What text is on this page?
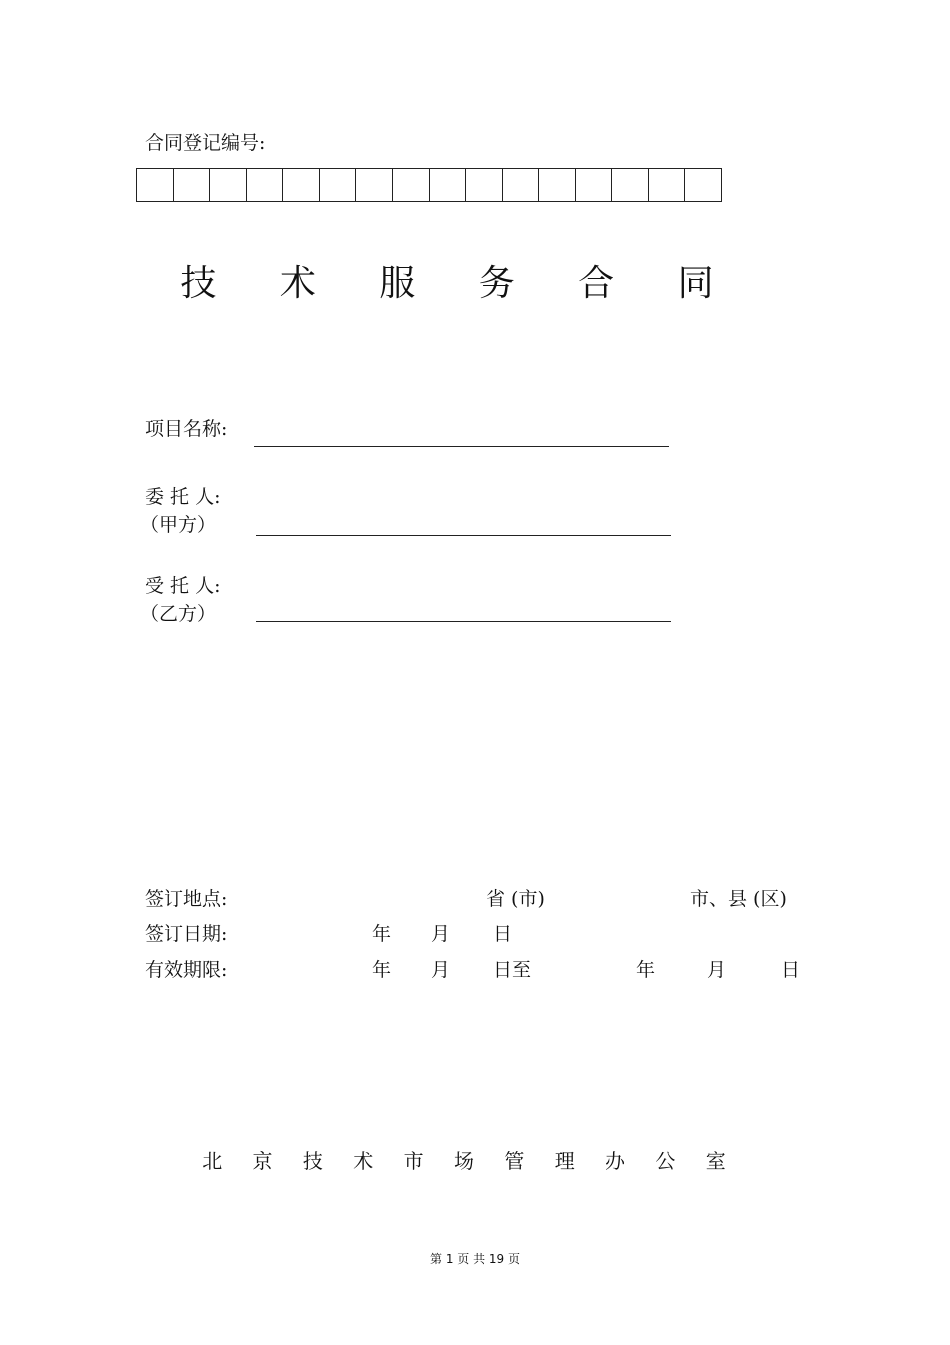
合同登记编号:
技 术 服 务 合 同
项目名称:
委 托 人:
（甲方）
受 托 人:
（乙方）
签订地点:	省 (市)	市、县 (区)
签订日期:	年 月 日
有效期限:	年 月 日至	年	月	日
北 京 技 术 市 场 管 理 办 公 室
第 1 页 共 19 页
